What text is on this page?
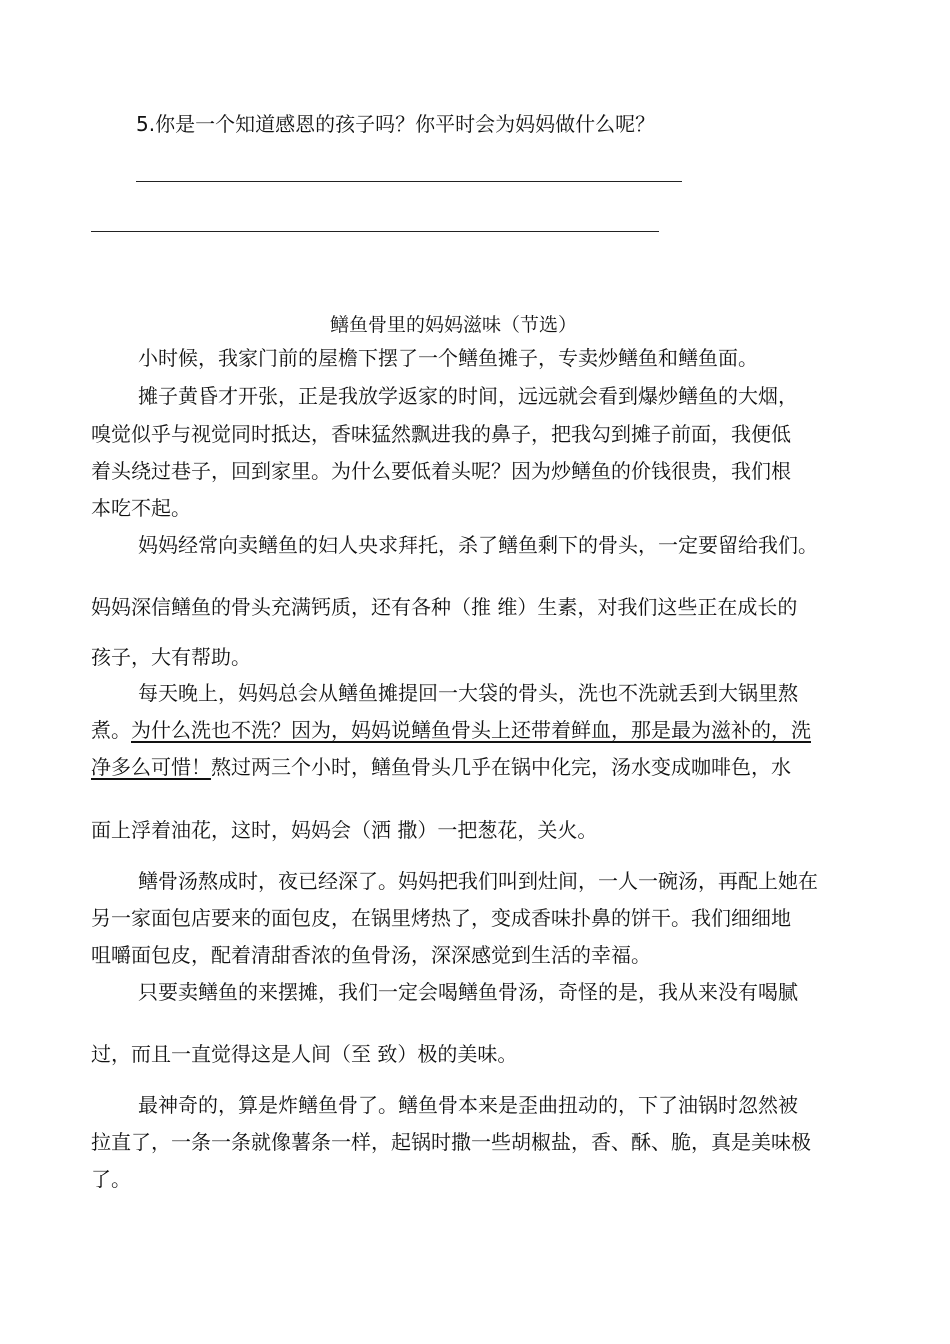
5.你是一个知道感恩的孩子吗？你平时会为妈妈做什么呢？
鳝鱼骨里的妈妈滋味（节选）
小时候，我家门前的屋檐下摆了一个鳝鱼摊子，专卖炒鳝鱼和鳝鱼面。
摊子黄昏才开张，正是我放学返家的时间，远远就会看到爆炒鳝鱼的大烟，
嗅觉似乎与视觉同时抵达，香味猛然飘进我的鼻子，把我勾到摊子前面，我便低
着头绕过巷子，回到家里。为什么要低着头呢？因为炒鳝鱼的价钱很贵，我们根
本吃不起。
妈妈经常向卖鳝鱼的妇人央求拜托，杀了鳝鱼剩下的骨头，一定要留给我们。
妈妈深信鳝鱼的骨头充满钙质，还有各种（推 维）生素，对我们这些正在成长的
孩子，大有帮助。
每天晚上，妈妈总会从鳝鱼摊提回一大袋的骨头，洗也不洗就丢到大锅里熬
煮。为什么洗也不洗？因为，妈妈说鳝鱼骨头上还带着鲜血，那是最为滋补的，洗
净多么可惜！熬过两三个小时，鳝鱼骨头几乎在锅中化完，汤水变成咖啡色，水
面上浮着油花，这时，妈妈会（洒 撒）一把葱花，关火。
鳝骨汤熬成时，夜已经深了。妈妈把我们叫到灶间，一人一碗汤，再配上她在
另一家面包店要来的面包皮，在锅里烤热了，变成香味扑鼻的饼干。我们细细地
咀嚼面包皮，配着清甜香浓的鱼骨汤，深深感觉到生活的幸福。
只要卖鳝鱼的来摆摊，我们一定会喝鳝鱼骨汤，奇怪的是，我从来没有喝腻
过，而且一直觉得这是人间（至 致）极的美味。
最神奇的，算是炸鳝鱼骨了。鳝鱼骨本来是歪曲扭动的，下了油锅时忽然被
拉直了，一条一条就像薯条一样，起锅时撒一些胡椒盐，香、酥、脆，真是美味极
了。
